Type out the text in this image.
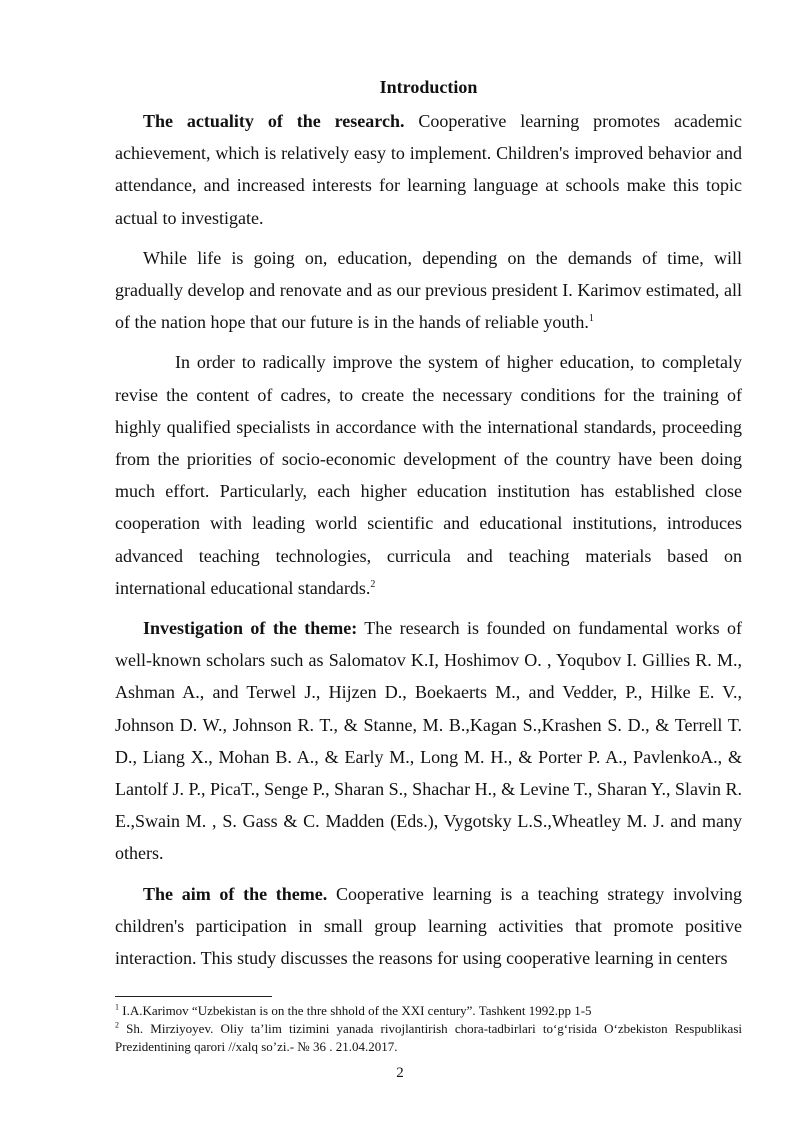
Introduction

The actuality of the research. Cooperative learning promotes academic achievement, which is relatively easy to implement. Children's improved behavior and attendance, and increased interests for learning language at schools make this topic actual to investigate.

While life is going on, education, depending on the demands of time, will gradually develop and renovate and as our previous president I. Karimov estimated, all of the nation hope that our future is in the hands of reliable youth.$^1$

In order to radically improve the system of higher education, to completaly revise the content of cadres, to create the necessary conditions for the training of highly qualified specialists in accordance with the international standards, proceeding from the priorities of socio-economic development of the country have been doing much effort. Particularly, each higher education institution has established close cooperation with leading world scientific and educational institutions, introduces advanced teaching technologies, curricula and teaching materials based on international educational standards.$^2$

Investigation of the theme: The research is founded on fundamental works of well-known scholars such as Salomatov K.I, Hoshimov O. , Yoqubov I. Gillies R. M., Ashman A., and Terwel J., Hijzen D., Boekaerts M., and Vedder, P., Hilke E. V., Johnson D. W., Johnson R. T., & Stanne, M. B.,Kagan S.,Krashen S. D., & Terrell T. D., Liang X., Mohan B. A., & Early M., Long M. H., & Porter P. A., PavlenkoA., & Lantolf J. P., PicaT., Senge P., Sharan S., Shachar H., & Levine T., Sharan Y., Slavin R. E.,Swain M. , S. Gass & C. Madden (Eds.), Vygotsky L.S.,Wheatley M. J. and many others.

The aim of the theme. Cooperative learning is a teaching strategy involving children's participation in small group learning activities that promote positive interaction. This study discusses the reasons for using cooperative learning in centers

$^1$ I.A.Karimov “Uzbekistan is on the thre shhold of the XXI century”. Tashkent 1992.pp 1-5

$^2$ Sh. Mirziyoyev. Oliy ta’lim tizimini yanada rivojlantirish chora-tadbirlari to‘g‘risida O‘zbekiston Respublikasi Prezidentining qarori //xalq so’zi.- № 36 . 21.04.2017.

2
